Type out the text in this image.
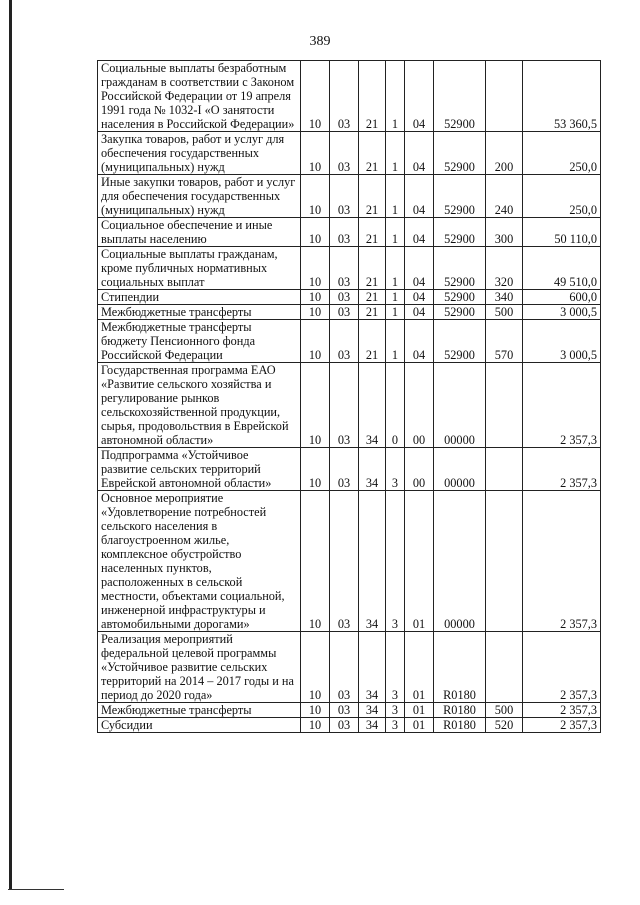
389
Социальные выплаты безработным гражданам в соответствии с Законом Российской Федерации от 19 апреля 1991 года № 1032-I «О занятости населения в Российской Федерации»	10	03	21	1	04	52900		53 360,5
Закупка товаров, работ и услуг для обеспечения государственных (муниципальных) нужд	10	03	21	1	04	52900	200	250,0
Иные закупки товаров, работ и услуг для обеспечения государственных (муниципальных) нужд	10	03	21	1	04	52900	240	250,0
Социальное обеспечение и иные выплаты населению	10	03	21	1	04	52900	300	50 110,0
Социальные выплаты гражданам, кроме публичных нормативных социальных выплат	10	03	21	1	04	52900	320	49 510,0
Стипендии	10	03	21	1	04	52900	340	600,0
Межбюджетные трансферты	10	03	21	1	04	52900	500	3 000,5
Межбюджетные трансферты бюджету Пенсионного фонда Российской Федерации	10	03	21	1	04	52900	570	3 000,5
Государственная программа ЕАО «Развитие сельского хозяйства и регулирование рынков сельскохозяйственной продукции, сырья, продовольствия в Еврейской автономной области»	10	03	34	0	00	00000		2 357,3
Подпрограмма «Устойчивое развитие сельских территорий Еврейской автономной области»	10	03	34	3	00	00000		2 357,3
Основное мероприятие «Удовлетворение потребностей сельского населения в благоустроенном жилье, комплексное обустройство населенных пунктов, расположенных в сельской местности, объектами социальной, инженерной инфраструктуры и автомобильными дорогами»	10	03	34	3	01	00000		2 357,3
Реализация мероприятий федеральной целевой программы «Устойчивое развитие сельских территорий на 2014 – 2017 годы и на период до 2020 года»	10	03	34	3	01	R0180		2 357,3
Межбюджетные трансферты	10	03	34	3	01	R0180	500	2 357,3
Субсидии	10	03	34	3	01	R0180	520	2 357,3
